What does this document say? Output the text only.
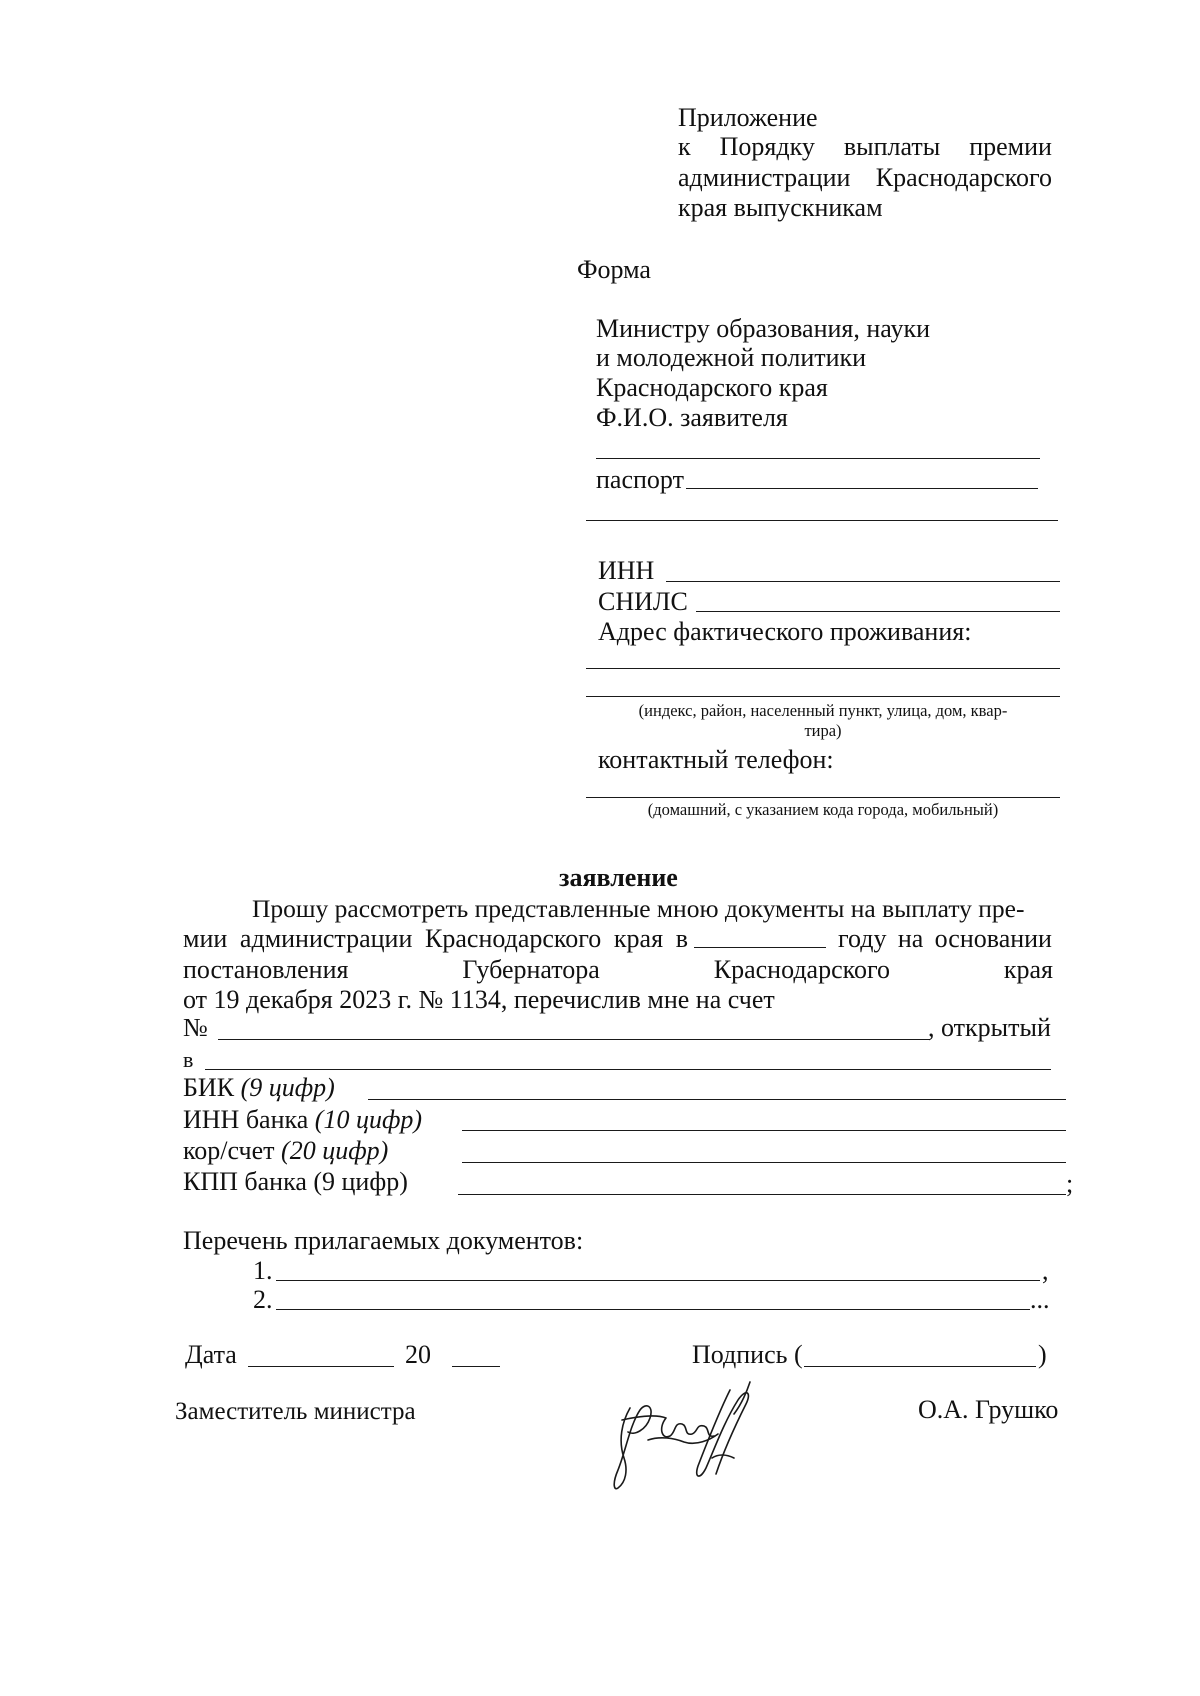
Приложение
к Порядку выплаты премии
администрации Краснодарского
края выпускникам
Форма
Министру образования, науки
и молодежной политики
Краснодарского края
Ф.И.О. заявителя
паспорт
ИНН
СНИЛС
Адрес фактического проживания:
(индекс, район, населенный пункт, улица, дом, квар-
тира)
контактный телефон:
(домашний, с указанием кода города, мобильный)
заявление
Прошу рассмотреть представленные мною документы на выплату пре-
мии администрации Краснодарского края в	году на основании
постановления	Губернатора	Краснодарского	края
от 19 декабря 2023 г. № 1134, перечислив мне на счет
№	, открытый
в
БИК (9 цифр)
ИНН банка (10 цифр)
кор/счет (20 цифр)
КПП банка (9 цифр)	;
Перечень прилагаемых документов:
1.	,
2.	...
Дата	20	Подпись (	)
Заместитель министра	О.А. Грушко
